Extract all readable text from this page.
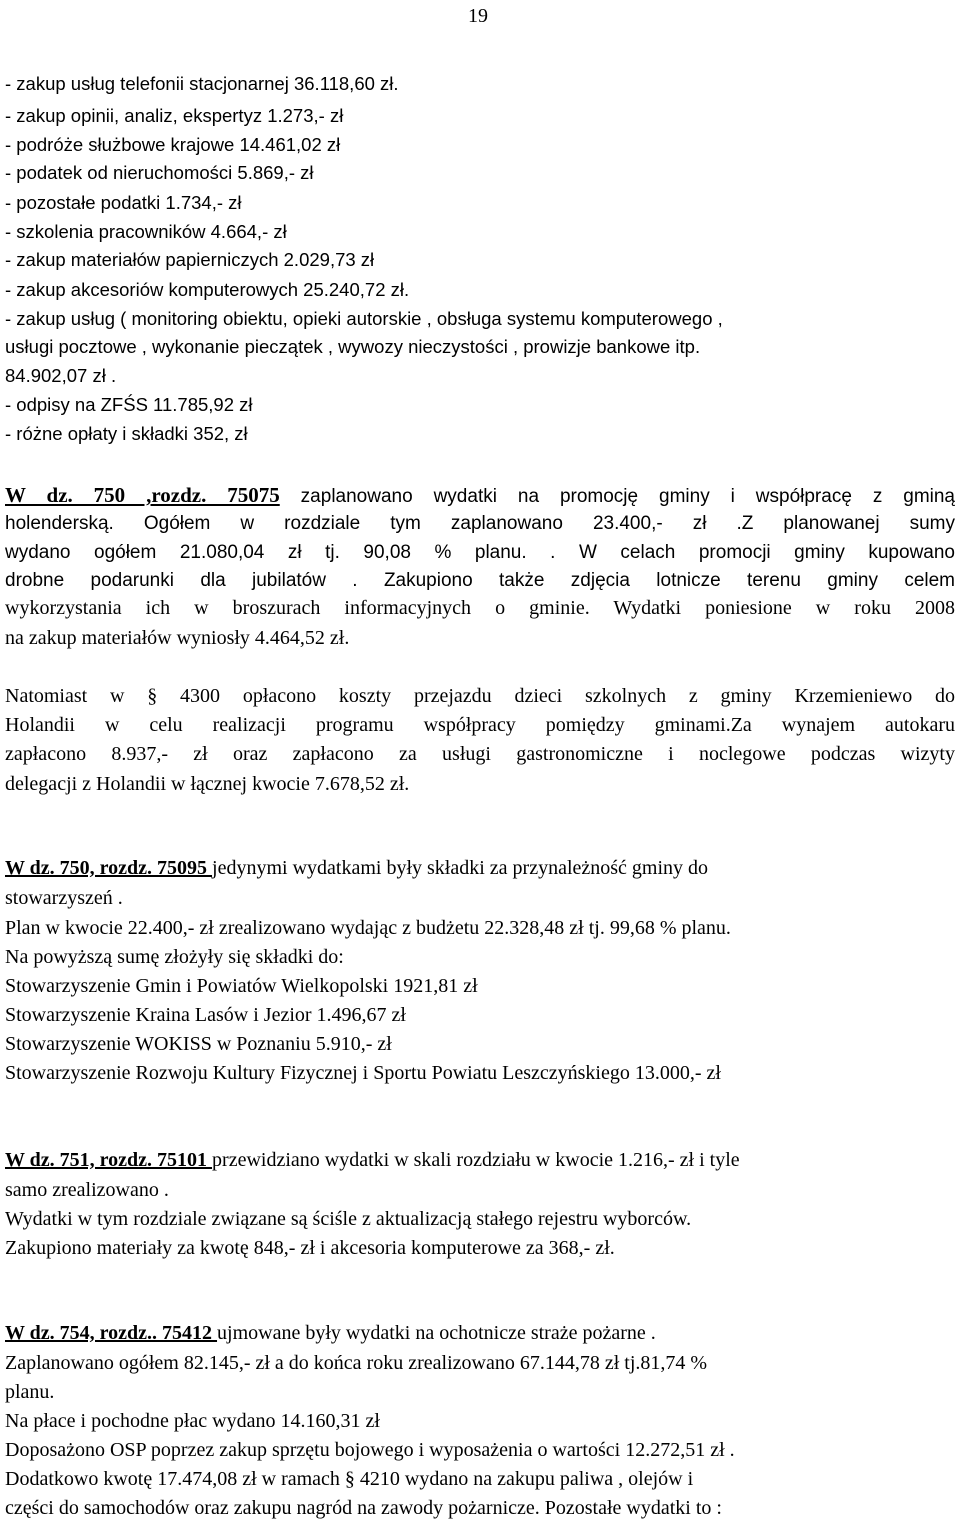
19
- zakup usług telefonii stacjonarnej 36.118,60 zł.
- zakup opinii, analiz, ekspertyz 1.273,- zł
- podróże służbowe krajowe 14.461,02 zł
- podatek od nieruchomości 5.869,- zł
- pozostałe podatki 1.734,- zł
- szkolenia pracowników 4.664,- zł
- zakup materiałów papierniczych 2.029,73 zł
- zakup akcesoriów komputerowych 25.240,72 zł.
- zakup usług ( monitoring obiektu, opieki autorskie , obsługa systemu komputerowego ,
usługi pocztowe , wykonanie pieczątek , wywozy nieczystości , prowizje bankowe itp.
84.902,07 zł .
- odpisy na ZFŚS 11.785,92 zł
- różne opłaty i składki 352, zł
W dz. 750 ,rozdz. 75075 zaplanowano wydatki na promocję gminy i współpracę z gminą
holenderską. Ogółem w rozdziale tym zaplanowano 23.400,- zł .Z planowanej sumy
wydano ogółem 21.080,04 zł tj. 90,08 % planu. . W celach promocji gminy kupowano
drobne podarunki dla jubilatów . Zakupiono także zdjęcia lotnicze terenu gminy celem
wykorzystania ich w broszurach informacyjnych o gminie. Wydatki poniesione w roku 2008
na zakup materiałów wyniosły 4.464,52 zł.
Natomiast w § 4300 opłacono koszty przejazdu dzieci szkolnych z gminy Krzemieniewo do
Holandii w celu realizacji programu współpracy pomiędzy gminami.Za wynajem autokaru
zapłacono 8.937,- zł oraz zapłacono za usługi gastronomiczne i noclegowe podczas wizyty
delegacji z Holandii w łącznej kwocie 7.678,52 zł.
W dz. 750, rozdz. 75095 jedynymi wydatkami były składki za przynależność gminy do
stowarzyszeń .
Plan w kwocie 22.400,- zł zrealizowano wydając z budżetu 22.328,48 zł tj. 99,68 % planu.
Na powyższą sumę złożyły się składki do:
Stowarzyszenie Gmin i Powiatów Wielkopolski 1921,81 zł
Stowarzyszenie Kraina Lasów i Jezior 1.496,67 zł
Stowarzyszenie WOKISS w Poznaniu 5.910,- zł
Stowarzyszenie Rozwoju Kultury Fizycznej i Sportu Powiatu Leszczyńskiego 13.000,- zł
W dz. 751, rozdz. 75101 przewidziano wydatki w skali rozdziału w kwocie 1.216,- zł i tyle
samo zrealizowano .
Wydatki w tym rozdziale związane są ściśle z aktualizacją stałego rejestru wyborców.
Zakupiono materiały za kwotę 848,- zł i akcesoria komputerowe za 368,- zł.
W dz. 754, rozdz.. 75412 ujmowane były wydatki na ochotnicze straże pożarne .
Zaplanowano ogółem 82.145,- zł a do końca roku zrealizowano 67.144,78 zł tj.81,74 %
planu.
Na płace i pochodne płac wydano 14.160,31 zł
Doposażono OSP poprzez zakup sprzętu bojowego i wyposażenia o wartości 12.272,51 zł .
Dodatkowo kwotę 17.474,08 zł w ramach § 4210 wydano na zakupu paliwa , olejów i
części do samochodów oraz zakupu nagród na zawody pożarnicze. Pozostałe wydatki to :
